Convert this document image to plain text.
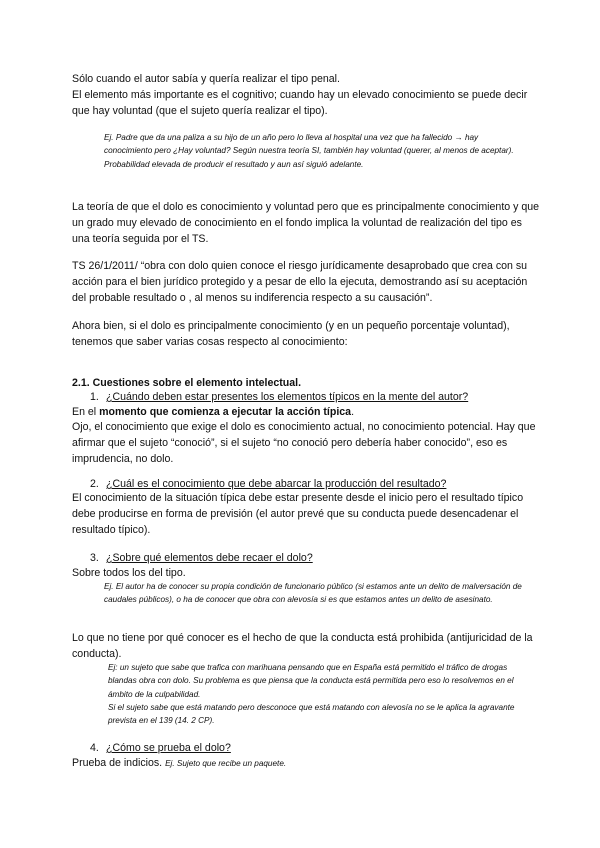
Sólo cuando el autor sabía y quería realizar el tipo penal.

El elemento más importante es el cognitivo; cuando hay un elevado conocimiento se puede decir que hay voluntad (que el sujeto quería realizar el tipo).

Ej. Padre que da una paliza a su hijo de un año pero lo lleva al hospital una vez que ha fallecido → hay conocimiento pero ¿Hay voluntad? Según nuestra teoría SI, también hay voluntad (querer, al menos de aceptar). Probabilidad elevada de producir el resultado y aun así siguió adelante.

La teoría de que el dolo es conocimiento y voluntad pero que es principalmente conocimiento y que un grado muy elevado de conocimiento en el fondo implica la voluntad de realización del tipo es una teoría seguida por el TS.

TS 26/1/2011/ “obra con dolo quien conoce el riesgo jurídicamente desaprobado que crea con su acción para el bien jurídico protegido y a pesar de ello la ejecuta, demostrando así su aceptación del probable resultado o , al menos su indiferencia respecto a su causación”.

Ahora bien, si el dolo es principalmente conocimiento (y en un pequeño porcentaje voluntad), tenemos que saber varias cosas respecto al conocimiento:

2.1. Cuestiones sobre el elemento intelectual.

1. ¿Cuándo deben estar presentes los elementos típicos en la mente del autor?

En el momento que comienza a ejecutar la acción típica.

Ojo, el conocimiento que exige el dolo es conocimiento actual, no conocimiento potencial. Hay que afirmar que el sujeto “conoció”, si el sujeto “no conoció pero debería haber conocido”, eso es imprudencia, no dolo.

2. ¿Cuál es el conocimiento que debe abarcar la producción del resultado?

El conocimiento de la situación típica debe estar presente desde el inicio pero el resultado típico debe producirse en forma de previsión (el autor prevé que su conducta puede desencadenar el resultado típico).

3. ¿Sobre qué elementos debe recaer el dolo?

Sobre todos los del tipo.

Ej. El autor ha de conocer su propia condición de funcionario público (si estamos ante un delito de malversación de caudales públicos), o ha de conocer que obra con alevosía si es que estamos antes un delito de asesinato.

Lo que no tiene por qué conocer es el hecho de que la conducta está prohibida (antijuricidad de la conducta).

Ej: un sujeto que sabe que trafica con marihuana pensando que en España está permitido el tráfico de drogas blandas obra con dolo. Su problema es que piensa que la conducta está permitida pero eso lo resolvemos en el ámbito de la culpabilidad.

Si el sujeto sabe que está matando pero desconoce que está matando con alevosía no se le aplica la agravante prevista en el 139 (14. 2 CP).

4. ¿Cómo se prueba el dolo?

Prueba de indicios. Ej. Sujeto que recibe un paquete.
